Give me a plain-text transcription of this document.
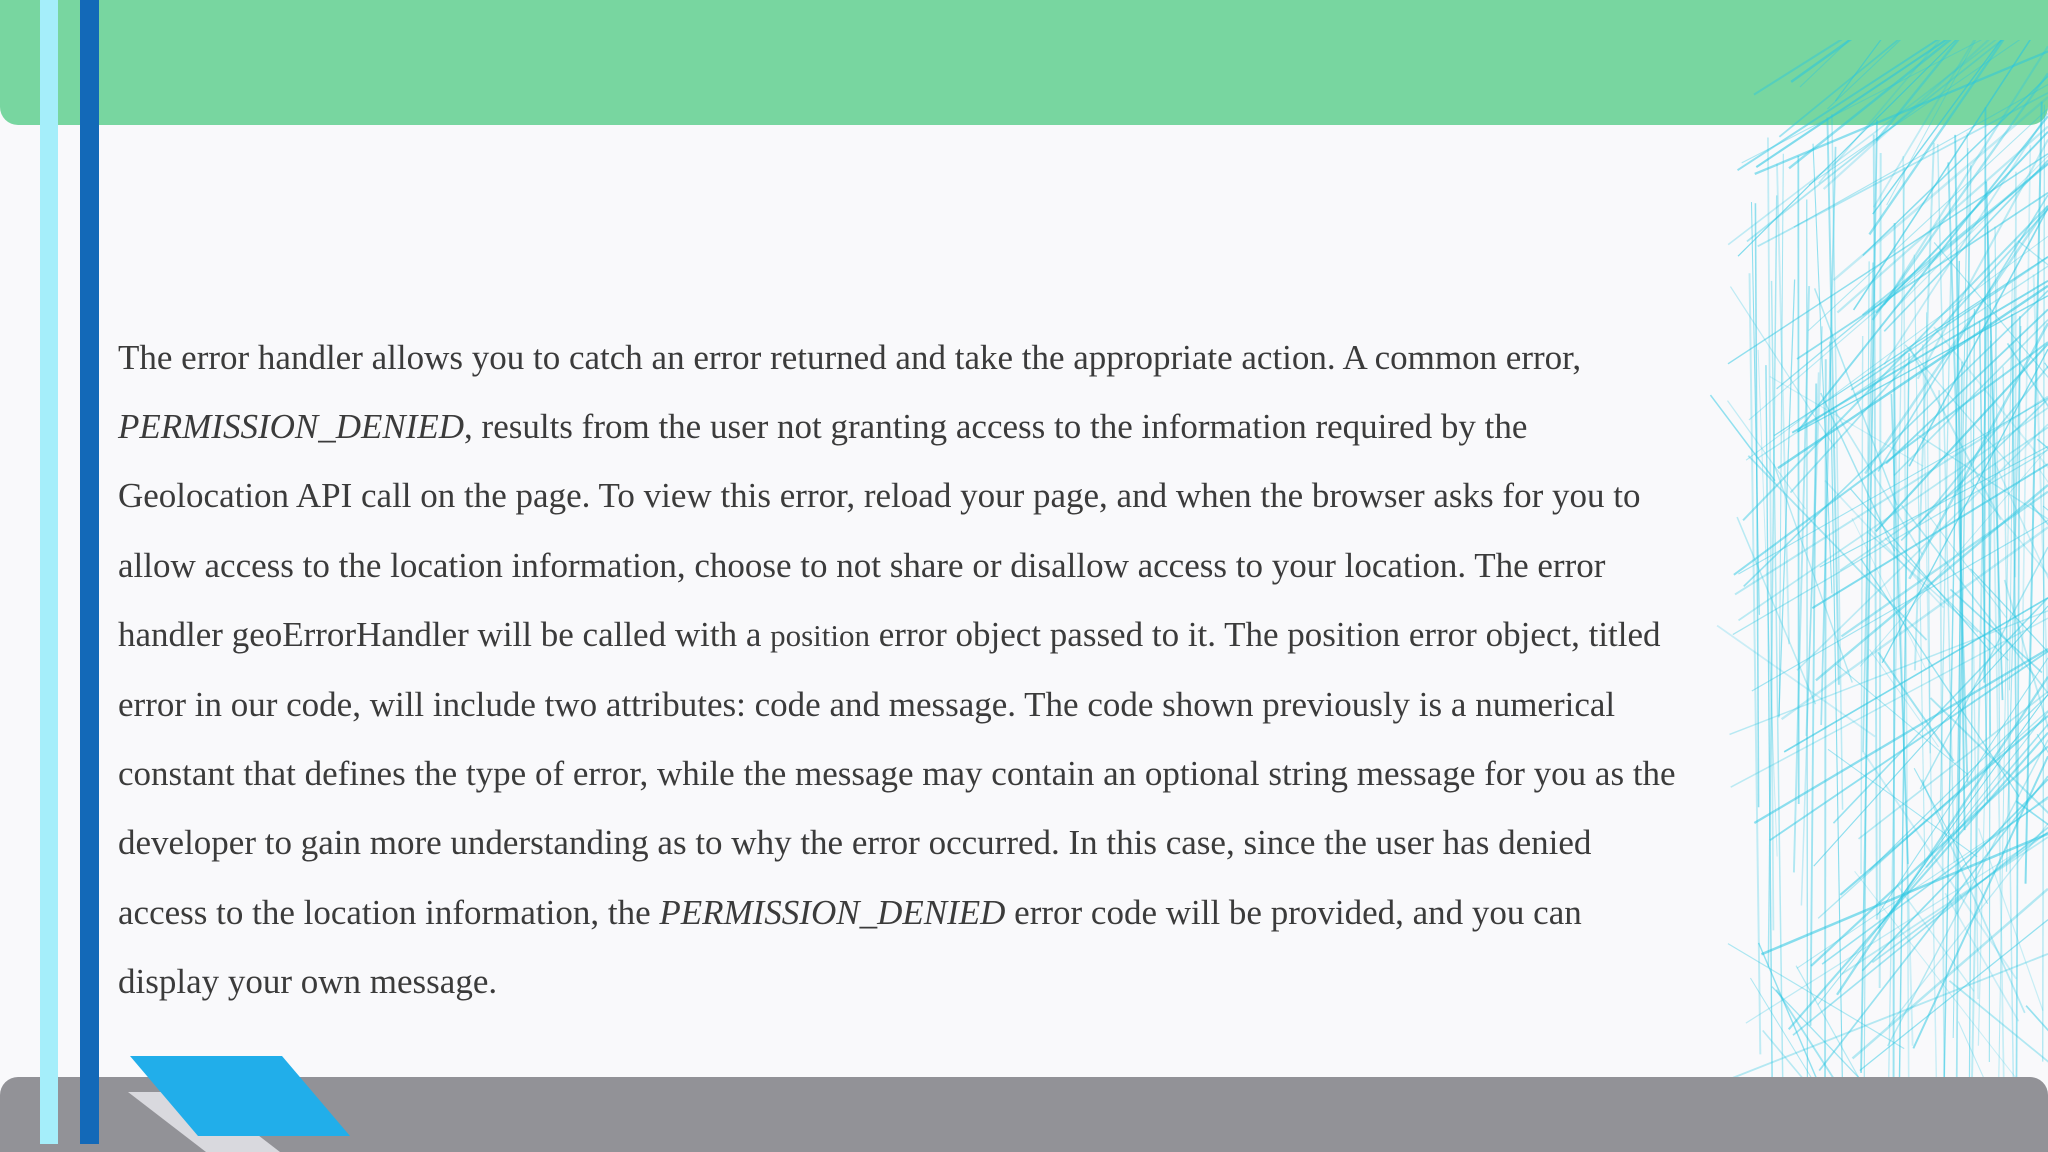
The error handler allows you to catch an error returned and take the appropriate action. A common error,
PERMISSION_DENIED, results from the user not granting access to the information required by the
Geolocation API call on the page. To view this error, reload your page, and when the browser asks for you to
allow access to the location information, choose to not share or disallow access to your location. The error
handler geoErrorHandler will be called with a position error object passed to it. The position error object, titled
error in our code, will include two attributes: code and message. The code shown previously is a numerical
constant that defines the type of error, while the message may contain an optional string message for you as the
developer to gain more understanding as to why the error occurred. In this case, since the user has denied
access to the location information, the PERMISSION_DENIED error code will be provided, and you can
display your own message.
